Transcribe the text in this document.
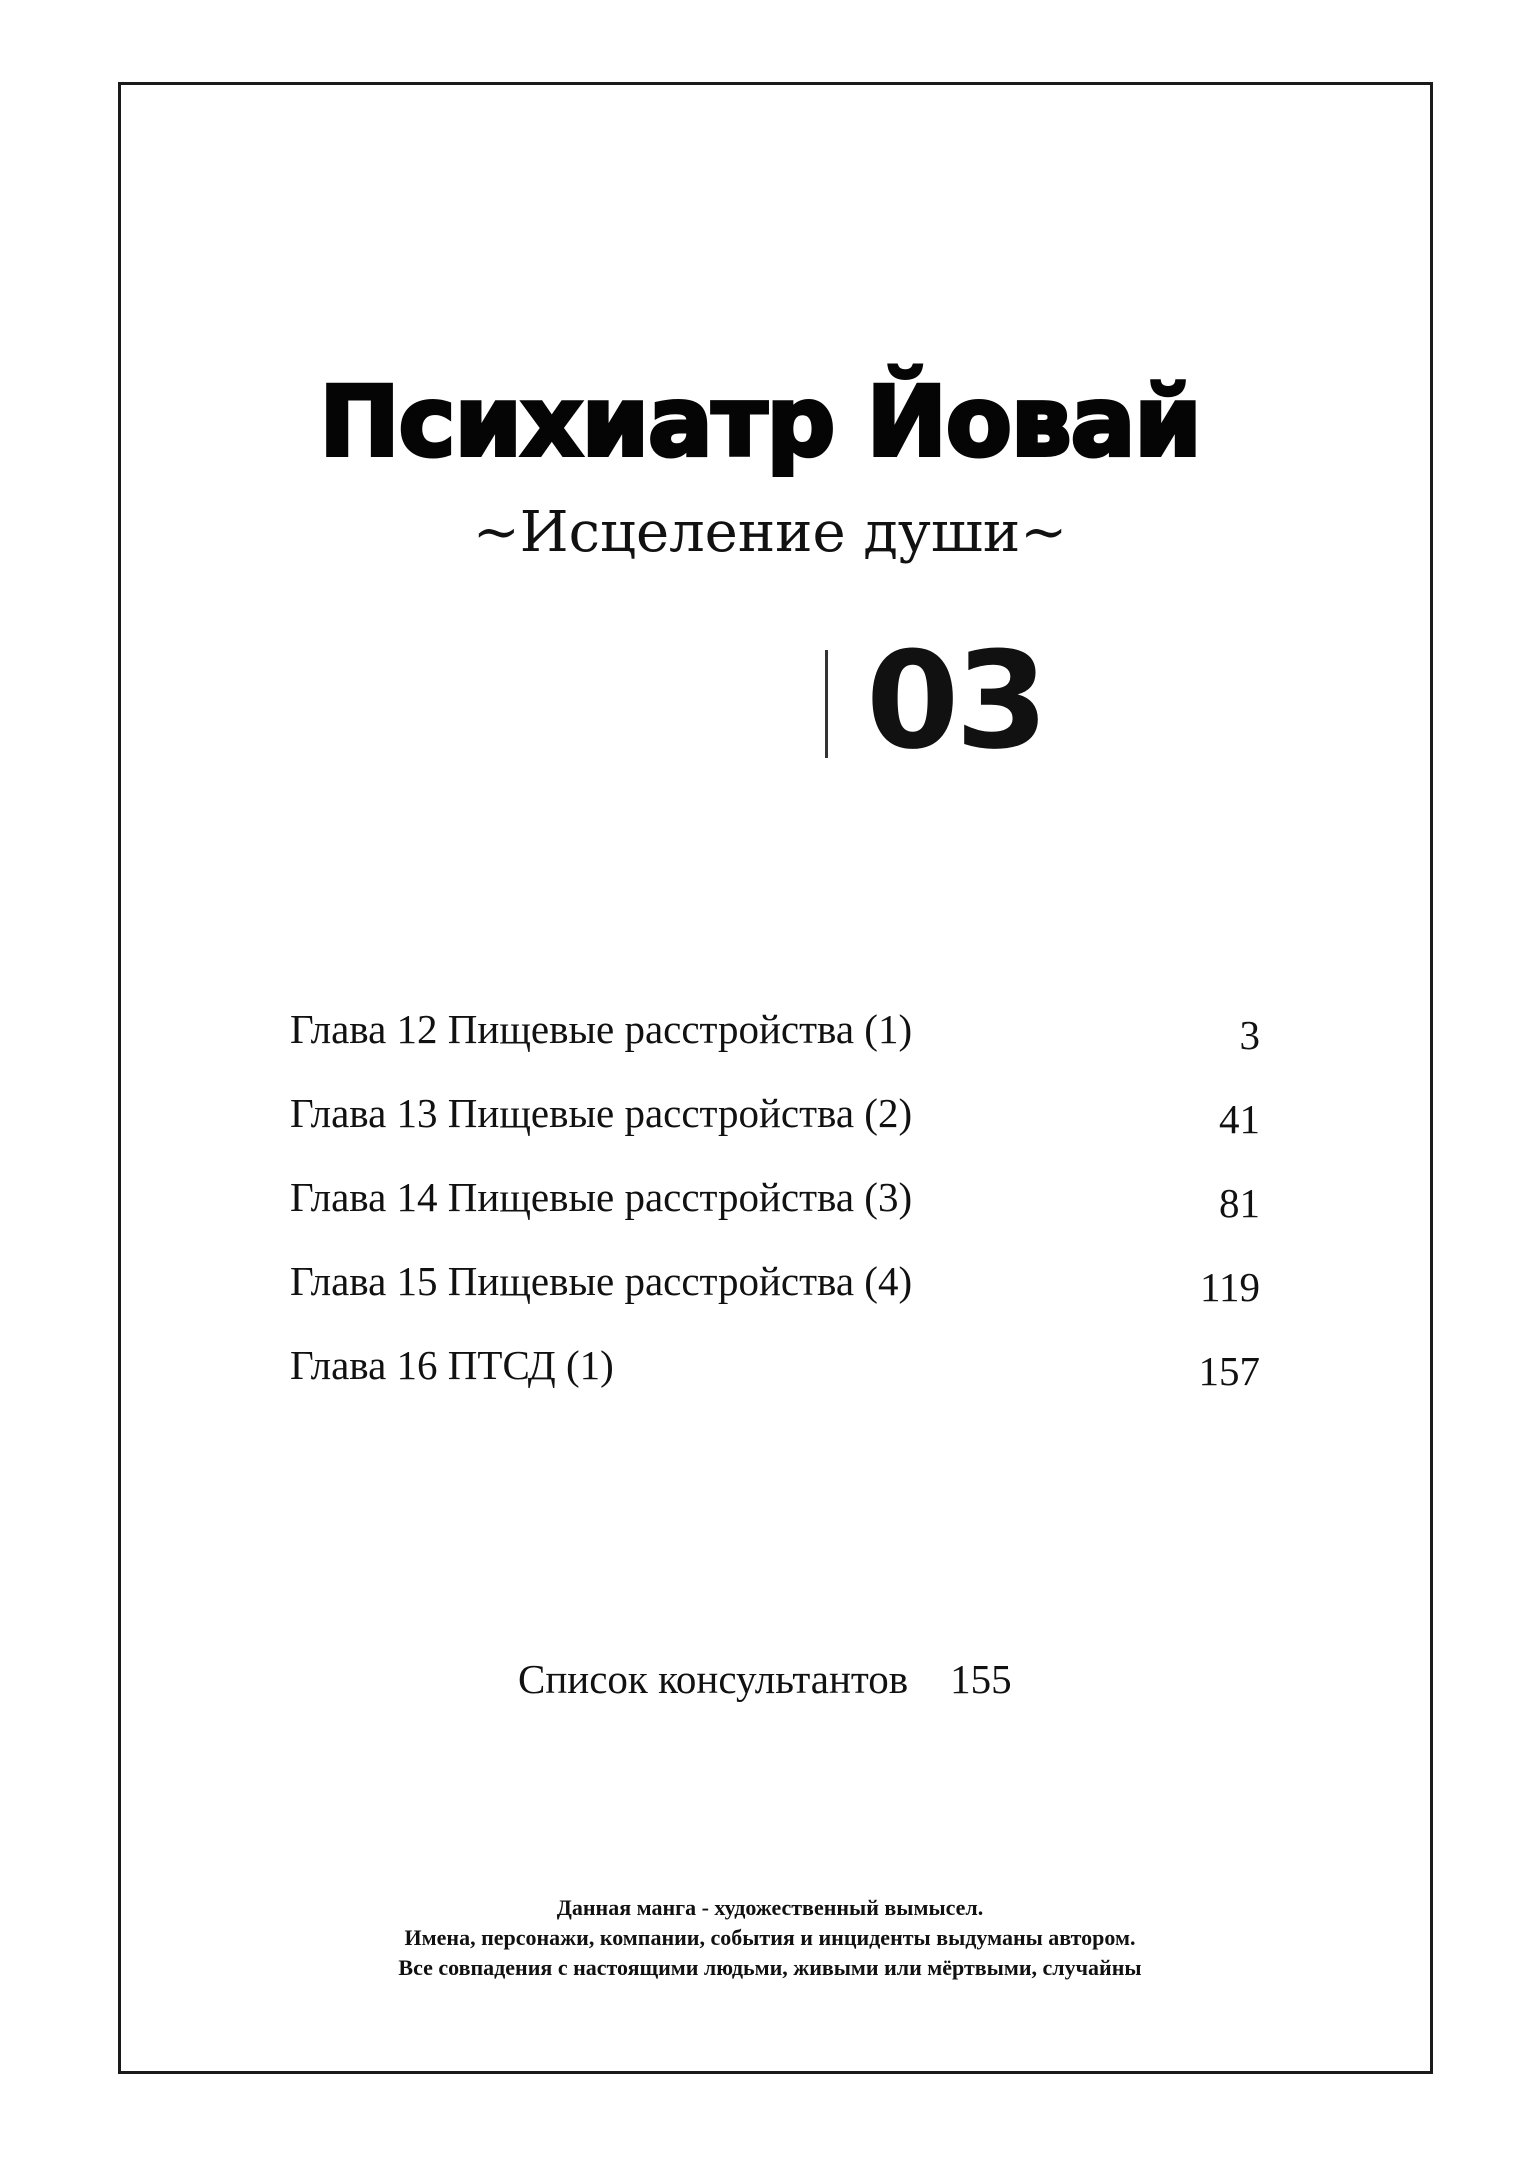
Психиатр Йовай
~Исцеление души~
03
Глава 12 Пищевые расстройства (1)	3
Глава 13 Пищевые расстройства (2)	41
Глава 14 Пищевые расстройства (3)	81
Глава 15 Пищевые расстройства (4)	119
Глава 16 ПТСД (1)	157
Список консультантов 155
Данная манга - художественный вымысел.
Имена, персонажи, компании, события и инциденты выдуманы автором.
Все совпадения с настоящими людьми, живыми или мёртвыми, случайны
